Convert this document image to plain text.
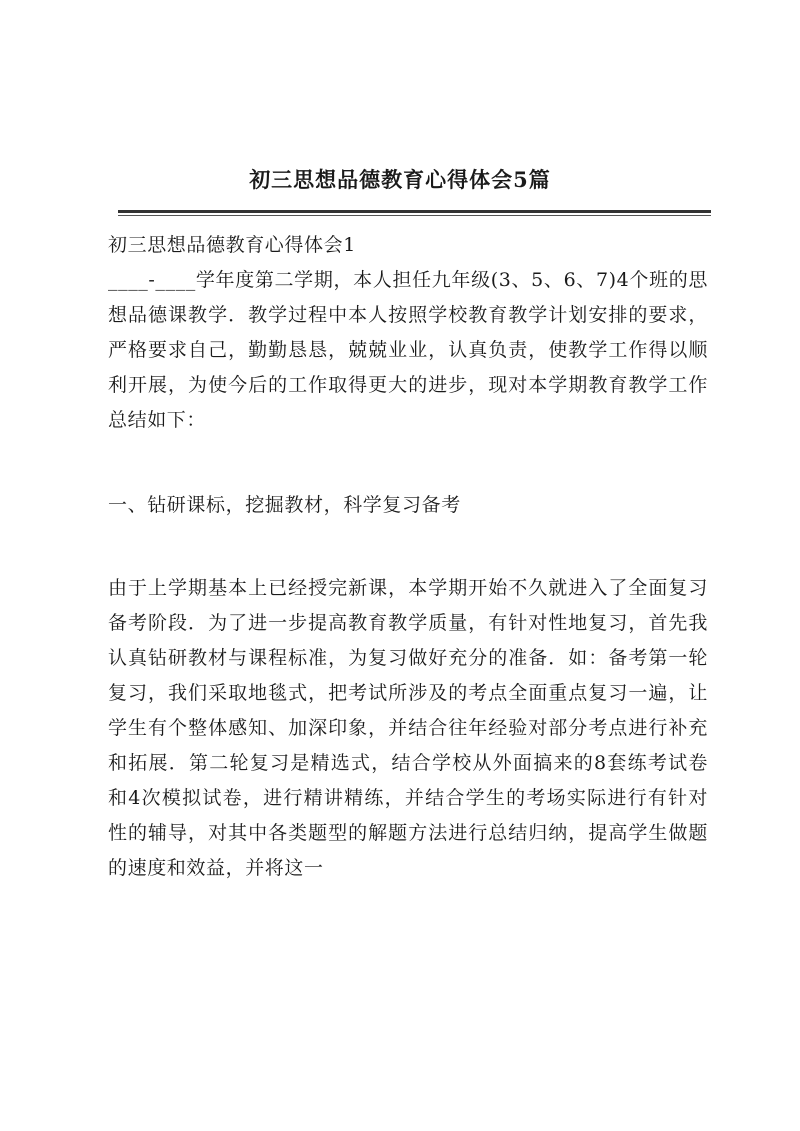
初三思想品德教育心得体会5篇

初三思想品德教育心得体会1

____-____学年度第二学期，本人担任九年级(3、5、6、7)4个班的思想品德课教学．教学过程中本人按照学校教育教学计划安排的要求，严格要求自己，勤勤恳恳，兢兢业业，认真负责，使教学工作得以顺利开展，为使今后的工作取得更大的进步，现对本学期教育教学工作总结如下：

一、钻研课标，挖掘教材，科学复习备考

由于上学期基本上已经授完新课，本学期开始不久就进入了全面复习备考阶段．为了进一步提高教育教学质量，有针对性地复习，首先我认真钻研教材与课程标准，为复习做好充分的准备．如：备考第一轮复习，我们采取地毯式，把考试所涉及的考点全面重点复习一遍，让学生有个整体感知、加深印象，并结合往年经验对部分考点进行补充和拓展．第二轮复习是精选式，结合学校从外面搞来的8套练考试卷和4次模拟试卷，进行精讲精练，并结合学生的考场实际进行有针对性的辅导，对其中各类题型的解题方法进行总结归纳，提高学生做题的速度和效益，并将这一
